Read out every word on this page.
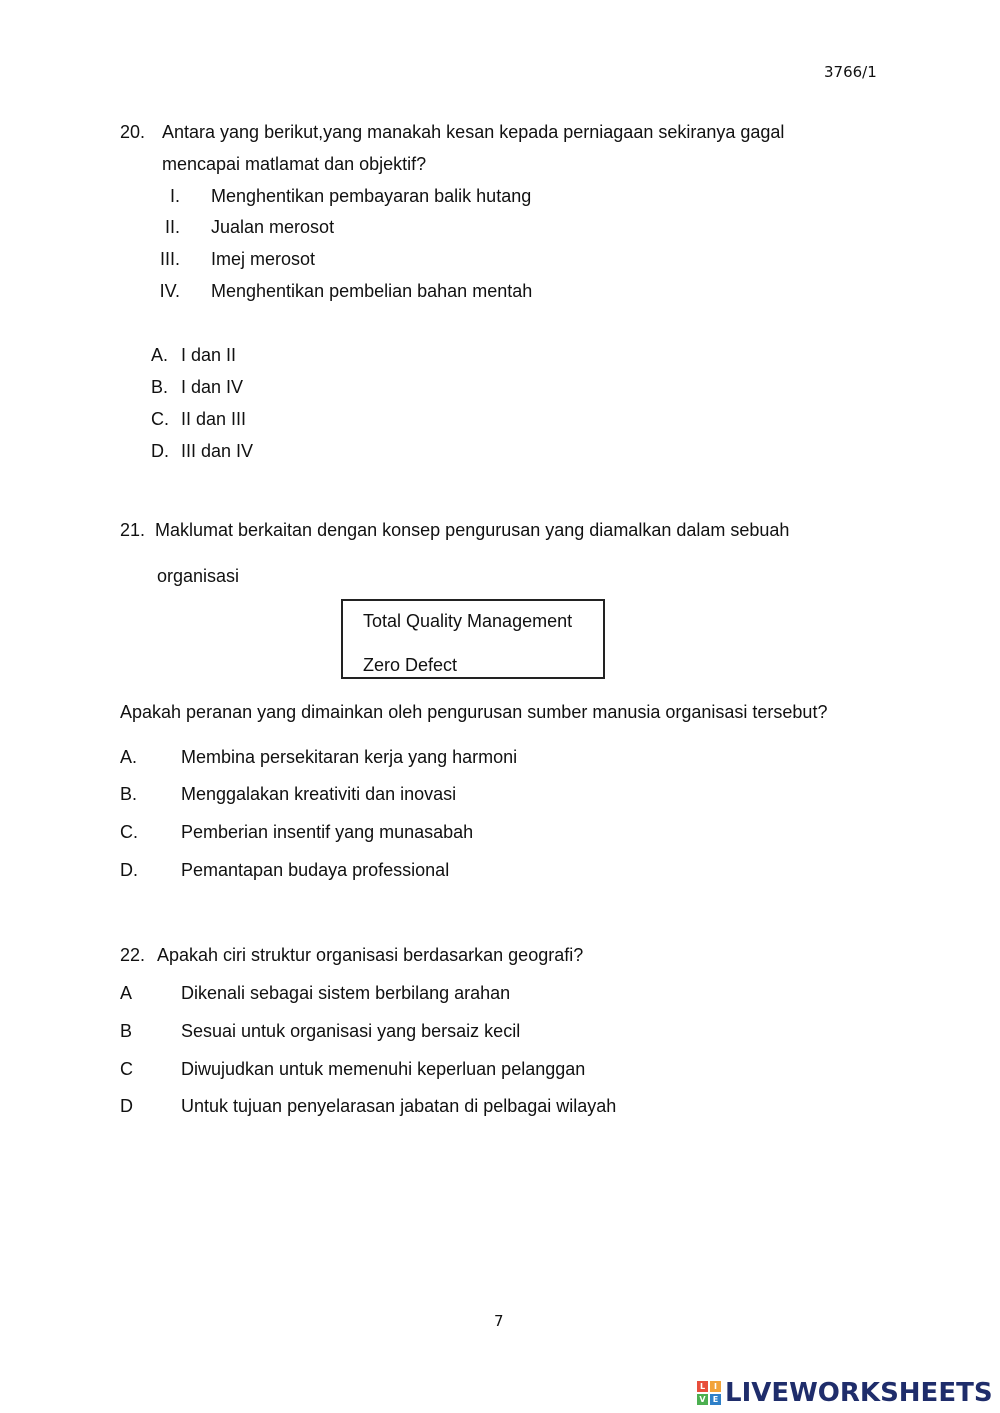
3766/1
20. Antara yang berikut,yang manakah kesan kepada perniagaan sekiranya gagal
mencapai matlamat dan objektif?
I. Menghentikan pembayaran balik hutang
II. Jualan merosot
III. Imej merosot
IV. Menghentikan pembelian bahan mentah
A. I dan II
B. I dan IV
C. II dan III
D. III dan IV
21. Maklumat berkaitan dengan konsep pengurusan yang diamalkan dalam sebuah
organisasi
Total Quality Management
Zero Defect
Apakah peranan yang dimainkan oleh pengurusan sumber manusia organisasi tersebut?
A. Membina persekitaran kerja yang harmoni
B. Menggalakan kreativiti dan inovasi
C. Pemberian insentif yang munasabah
D. Pemantapan budaya professional
22. Apakah ciri struktur organisasi berdasarkan geografi?
A	Dikenali sebagai sistem berbilang arahan
B	Sesuai untuk organisasi yang bersaiz kecil
C	Diwujudkan untuk memenuhi keperluan pelanggan
D	Untuk tujuan penyelarasan jabatan di pelbagai wilayah
7
L	I
V E LIVEWORKSHEETS
